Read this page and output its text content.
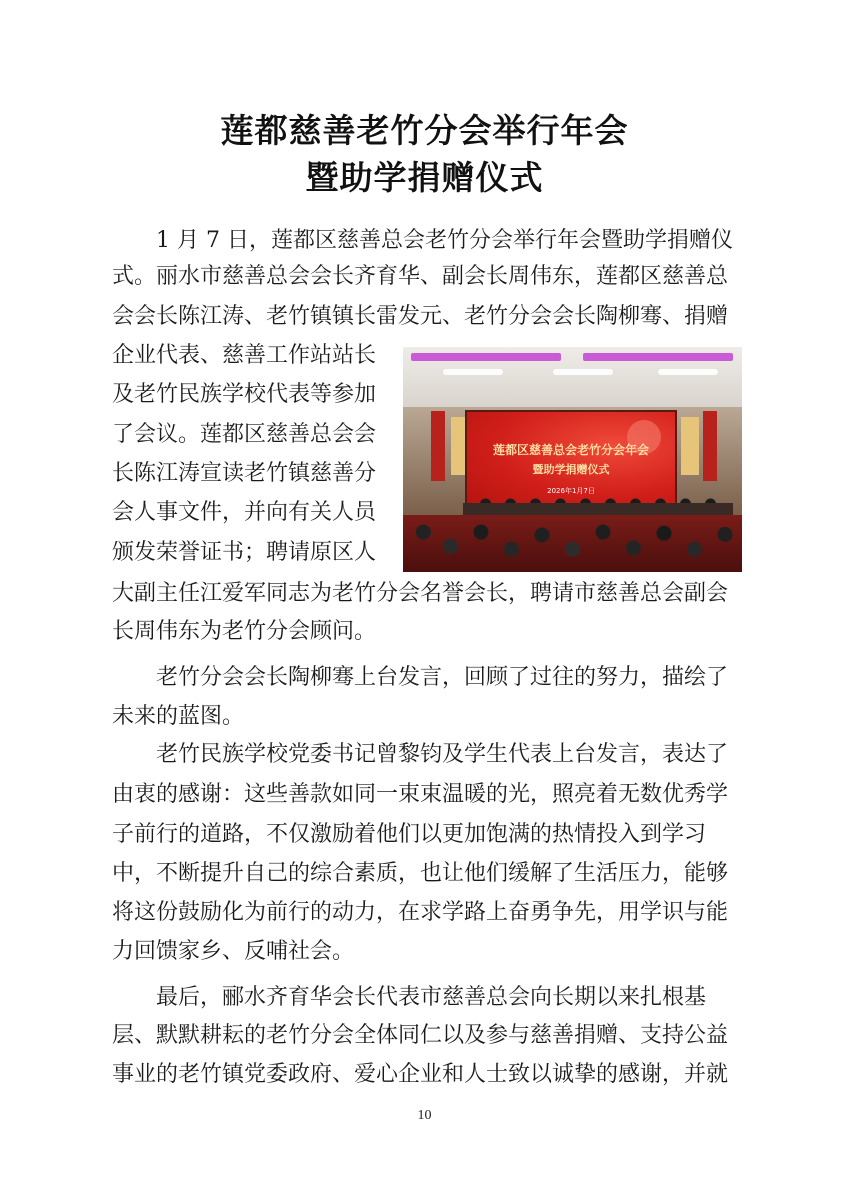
莲都慈善老竹分会举行年会
暨助学捐赠仪式
　　1 月 7 日，莲都区慈善总会老竹分会举行年会暨助学捐赠仪
式。丽水市慈善总会会长齐育华、副会长周伟东，莲都区慈善总
会会长陈江涛、老竹镇镇长雷发元、老竹分会会长陶柳骞、捐赠
企业代表、慈善工作站站长
及老竹民族学校代表等参加
了会议。莲都区慈善总会会
长陈江涛宣读老竹镇慈善分
会人事文件，并向有关人员
颁发荣誉证书；聘请原区人
大副主任江爱军同志为老竹分会名誉会长，聘请市慈善总会副会
长周伟东为老竹分会顾问。
　　老竹分会会长陶柳骞上台发言，回顾了过往的努力，描绘了
未来的蓝图。
　　老竹民族学校党委书记曾黎钧及学生代表上台发言，表达了
由衷的感谢：这些善款如同一束束温暖的光，照亮着无数优秀学
子前行的道路，不仅激励着他们以更加饱满的热情投入到学习
中，不断提升自己的综合素质，也让他们缓解了生活压力，能够
将这份鼓励化为前行的动力，在求学路上奋勇争先，用学识与能
力回馈家乡、反哺社会。
　　最后，郦水齐育华会长代表市慈善总会向长期以来扎根基
层、默默耕耘的老竹分会全体同仁以及参与慈善捐赠、支持公益
事业的老竹镇党委政府、爱心企业和人士致以诚挚的感谢，并就
莲都区慈善总会老竹分会年会
暨助学捐赠仪式
2026年1月7日
10
